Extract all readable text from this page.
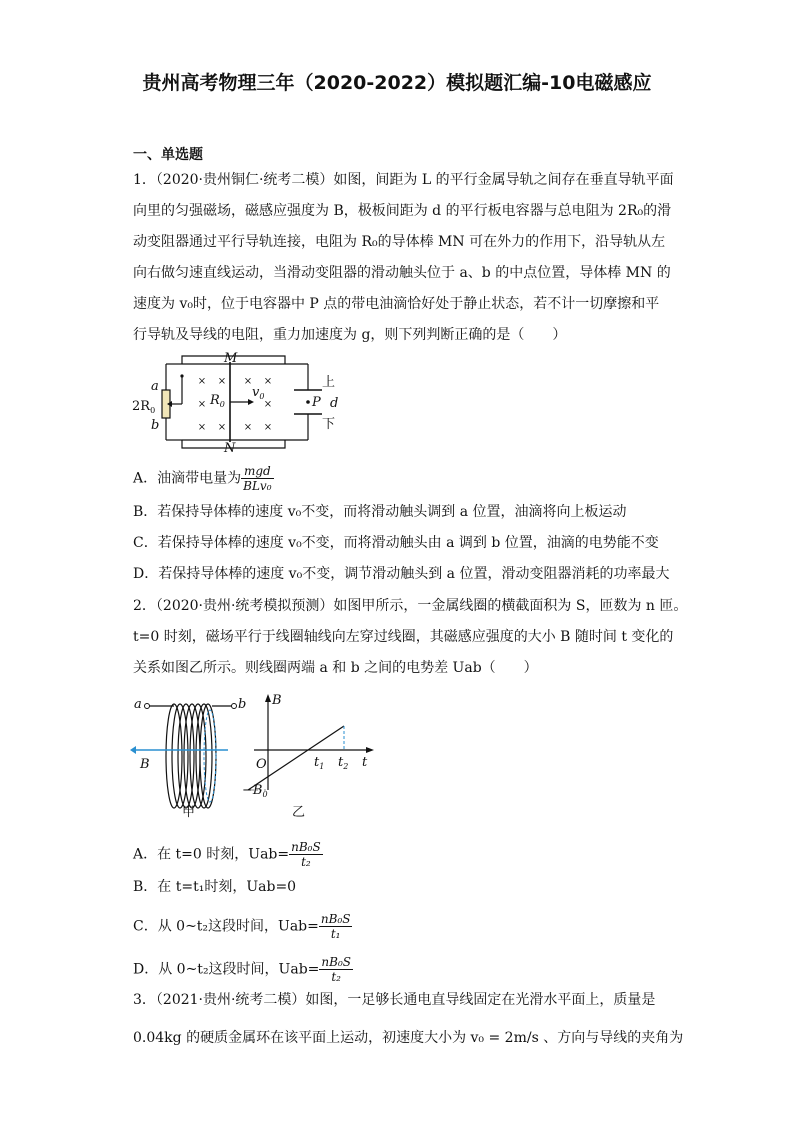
贵州高考物理三年（2020-2022）模拟题汇编-10电磁感应
一、单选题
1．（2020·贵州铜仁·统考二模）如图，间距为 L 的平行金属导轨之间存在垂直导轨平面
向里的匀强磁场，磁感应强度为 B，极板间距为 d 的平行板电容器与总电阻为 2R₀的滑
动变阻器通过平行导轨连接，电阻为 R₀的导体棒 MN 可在外力的作用下，沿导轨从左
向右做匀速直线运动，当滑动变阻器的滑动触头位于 a、b 的中点位置，导体棒 MN 的
速度为 v₀时，位于电容器中 P 点的带电油滴恰好处于静止状态，若不计一切摩擦和平
行导轨及导线的电阻，重力加速度为 g，则下列判断正确的是（　　）
× × × ×
×	×
× × × ×
M
N
a
b
$2R_0$
$R_0$
$v_0$	P d
上
下
A．油滴带电量为 $\frac{\text{mgd}}{\text{BLv₀}}$
B．若保持导体棒的速度 v₀不变，而将滑动触头调到 a 位置，油滴将向上板运动
C．若保持导体棒的速度 v₀不变，而将滑动触头由 a 调到 b 位置，油滴的电势能不变
D．若保持导体棒的速度 v₀不变，调节滑动触头到 a 位置，滑动变阻器消耗的功率最大
2．（2020·贵州·统考模拟预测）如图甲所示，一金属线圈的横截面积为 S，匝数为 n 匝。
t=0 时刻，磁场平行于线圈轴线向左穿过线圈，其磁感应强度的大小 B 随时间 t 变化的
关系如图乙所示。则线圈两端 a 和 b 之间的电势差 Uab（　　）
a	b
B
甲
B
O	$t_1$ $t_2$ t
$-B_0$
乙
A．在 t=0 时刻，$Uab= \frac{\text{nB₀S}}{\text{t₂}}$
B．在 t=t₁时刻，Uab=0
C．从 0~t₂这段时间，$Uab= \frac{\text{nB₀S}}{\text{t₁}}$
D．从 0~t₂这段时间，$Uab= \frac{\text{nB₀S}}{\text{t₂}}$
3．（2021·贵州·统考二模）如图，一足够长通电直导线固定在光滑水平面上，质量是
0.04kg 的硬质金属环在该平面上运动，初速度大小为 v₀ = 2m/s 、方向与导线的夹角为
